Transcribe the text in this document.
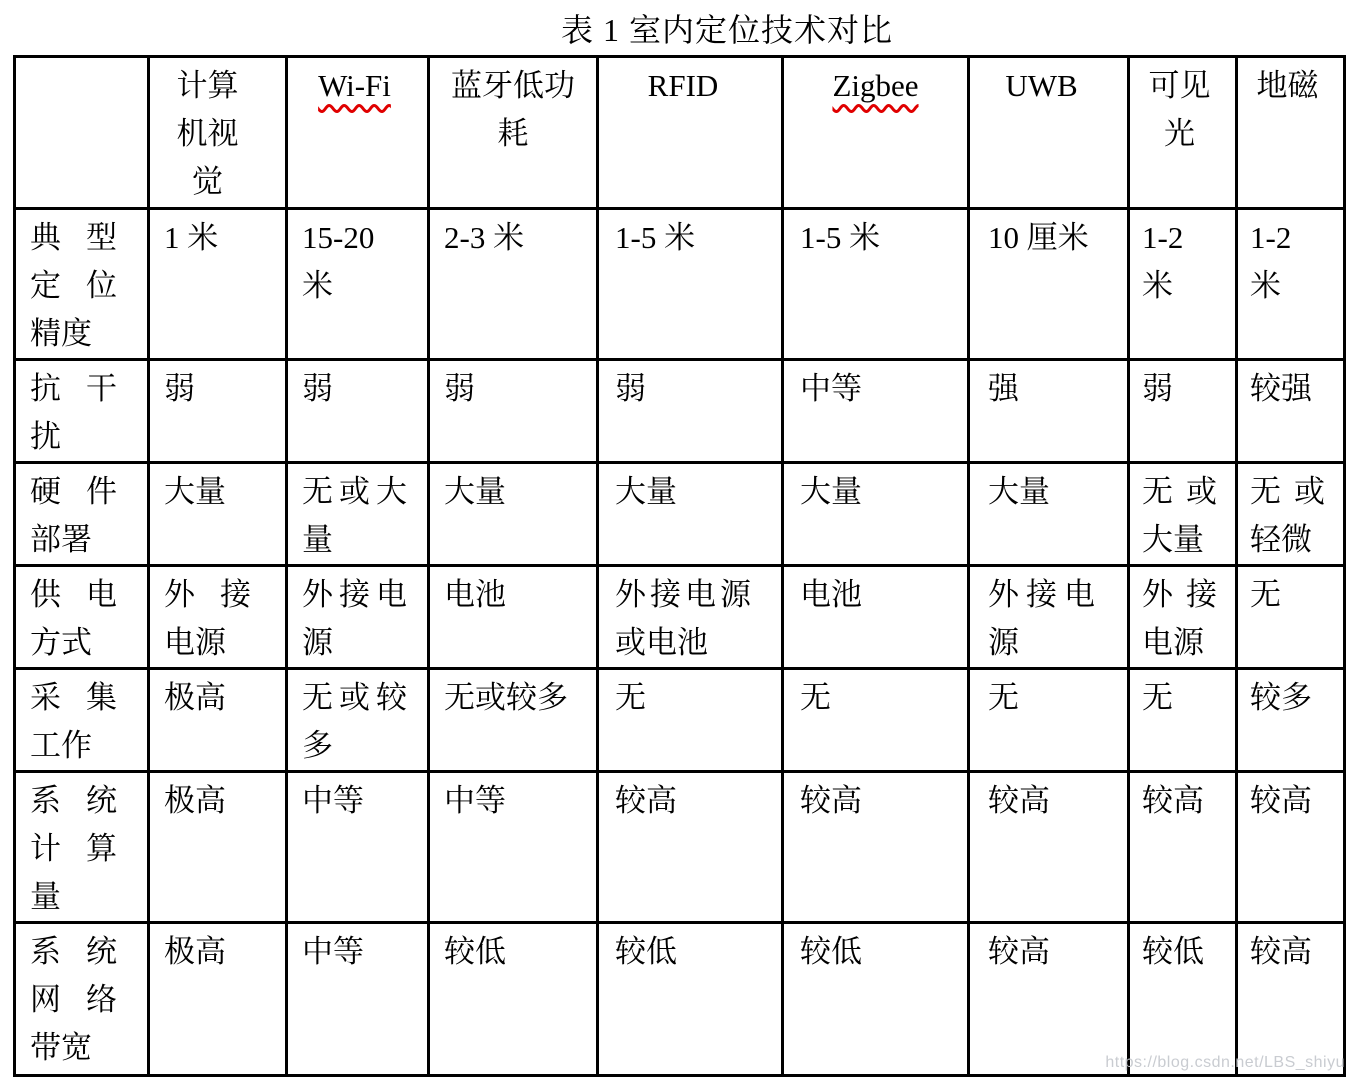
表 1 室内定位技术对比
	计算机视觉	Wi-Fi	蓝牙低功耗	RFID	Zigbee	UWB	可见光	地磁
典型定位精度	1 米	15-20 米	2-3 米	1-5 米	1-5 米	10 厘米	1-2 米	1-2 米
抗干扰	弱	弱	弱	弱	中等	强	弱	较强
硬件部署	大量	无或大量	大量	大量	大量	大量	无或大量	无或轻微
供电方式	外接电源	外接电源	电池	外接电源或电池	电池	外接电源	外接电源	无
采集工作	极高	无或较多	无或较多	无	无	无	无	较多
系统计算量	极高	中等	中等	较高	较高	较高	较高	较高
系统网络带宽	极高	中等	较低	较低	较低	较高	较低	较高
https://blog.csdn.net/LBS_shiyu
